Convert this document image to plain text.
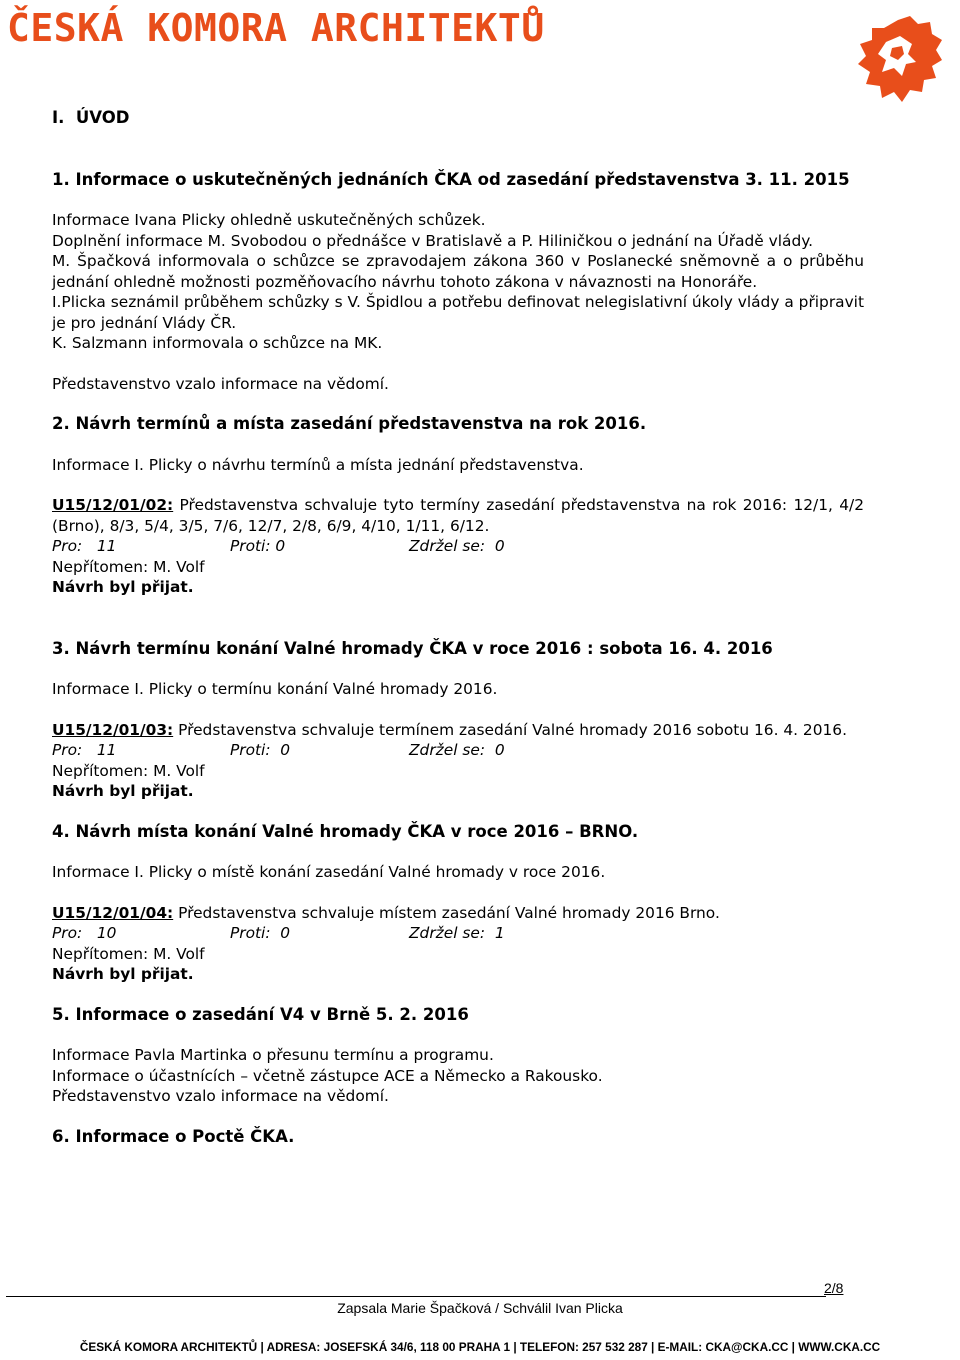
ČESKÁ KOMORA ARCHITEKTŮ

I.  ÚVOD

1. Informace o uskutečněných jednáních ČKA od zasedání představenstva 3. 11. 2015

Informace Ivana Plicky ohledně uskutečněných schůzek.

Doplnění informace M. Svobodou o přednášce v Bratislavě a P. Hiliničkou o jednání na Úřadě vlády.

M. Špačková informovala o schůzce se zpravodajem zákona 360 v Poslanecké sněmovně a o průběhu jednání ohledně možnosti pozměňovacího návrhu tohoto zákona v návaznosti na Honoráře.

I.Plicka seznámil průběhem schůzky s V. Špidlou a potřebu definovat nelegislativní úkoly vlády a připravit je pro jednání Vlády ČR.

K. Salzmann informovala o schůzce na MK.

Představenstvo vzalo informace na vědomí.

2. Návrh termínů a místa zasedání představenstva na rok 2016.

Informace I. Plicky o návrhu termínů a místa jednání představenstva.

U15/12/01/02: Představenstva schvaluje tyto termíny zasedání představenstva na rok 2016: 12/1, 4/2 (Brno), 8/3, 5/4, 3/5, 7/6, 12/7, 2/8, 6/9, 4/10, 1/11, 6/12.

Pro:   11	Proti: 0	Zdržel se:  0

Nepřítomen: M. Volf

Návrh byl přijat.

3. Návrh termínu konání Valné hromady ČKA v roce 2016 : sobota 16. 4. 2016

Informace I. Plicky o termínu konání Valné hromady 2016.

U15/12/01/03: Představenstva schvaluje termínem zasedání Valné hromady 2016 sobotu 16. 4. 2016.

Pro:   11	Proti:  0	Zdržel se:  0

Nepřítomen: M. Volf

Návrh byl přijat.

4. Návrh místa konání Valné hromady ČKA v roce 2016 – BRNO.

Informace I. Plicky o místě konání zasedání Valné hromady v roce 2016.

U15/12/01/04: Představenstva schvaluje místem zasedání Valné hromady 2016 Brno.

Pro:   10	Proti:  0	Zdržel se:  1

Nepřítomen: M. Volf

Návrh byl přijat.

5. Informace o zasedání V4 v Brně 5. 2. 2016

Informace Pavla Martinka o přesunu termínu a programu.

Informace o účastnících – včetně zástupce ACE a Německo a Rakousko.

Představenstvo vzalo informace na vědomí.

6. Informace o Poctě ČKA.

2/8
Zapsala Marie Špačková / Schválil Ivan Plicka
ČESKÁ KOMORA ARCHITEKTŮ | ADRESA: JOSEFSKÁ 34/6, 118 00 PRAHA 1 | TELEFON: 257 532 287 | E-MAIL: CKA@CKA.CC | WWW.CKA.CC
